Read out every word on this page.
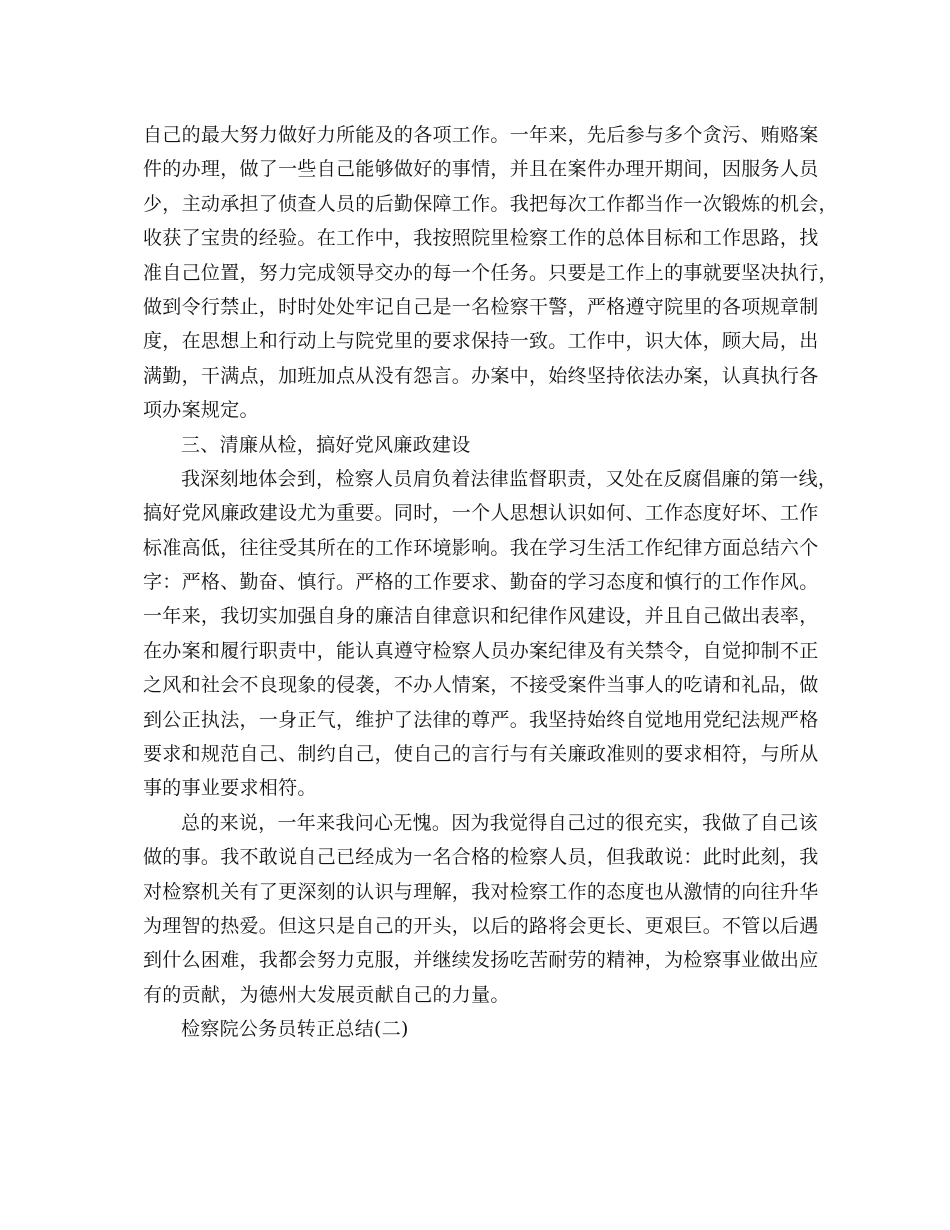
自己的最大努力做好力所能及的各项工作。一年来，先后参与多个贪污、贿赂案
件的办理，做了一些自己能够做好的事情，并且在案件办理开期间，因服务人员
少，主动承担了侦查人员的后勤保障工作。我把每次工作都当作一次锻炼的机会，
收获了宝贵的经验。在工作中，我按照院里检察工作的总体目标和工作思路，找
准自己位置，努力完成领导交办的每一个任务。只要是工作上的事就要坚决执行，
做到令行禁止，时时处处牢记自己是一名检察干警，严格遵守院里的各项规章制
度，在思想上和行动上与院党里的要求保持一致。工作中，识大体，顾大局，出
满勤，干满点，加班加点从没有怨言。办案中，始终坚持依法办案，认真执行各
项办案规定。
三、清廉从检，搞好党风廉政建设
我深刻地体会到，检察人员肩负着法律监督职责，又处在反腐倡廉的第一线，
搞好党风廉政建设尤为重要。同时，一个人思想认识如何、工作态度好坏、工作
标准高低，往往受其所在的工作环境影响。我在学习生活工作纪律方面总结六个
字：严格、勤奋、慎行。严格的工作要求、勤奋的学习态度和慎行的工作作风。
一年来，我切实加强自身的廉洁自律意识和纪律作风建设，并且自己做出表率，
在办案和履行职责中，能认真遵守检察人员办案纪律及有关禁令，自觉抑制不正
之风和社会不良现象的侵袭，不办人情案，不接受案件当事人的吃请和礼品，做
到公正执法，一身正气，维护了法律的尊严。我坚持始终自觉地用党纪法规严格
要求和规范自己、制约自己，使自己的言行与有关廉政准则的要求相符，与所从
事的事业要求相符。
总的来说，一年来我问心无愧。因为我觉得自己过的很充实，我做了自己该
做的事。我不敢说自己已经成为一名合格的检察人员，但我敢说：此时此刻，我
对检察机关有了更深刻的认识与理解，我对检察工作的态度也从激情的向往升华
为理智的热爱。但这只是自己的开头，以后的路将会更长、更艰巨。不管以后遇
到什么困难，我都会努力克服，并继续发扬吃苦耐劳的精神，为检察事业做出应
有的贡献，为德州大发展贡献自己的力量。
检察院公务员转正总结(二)
